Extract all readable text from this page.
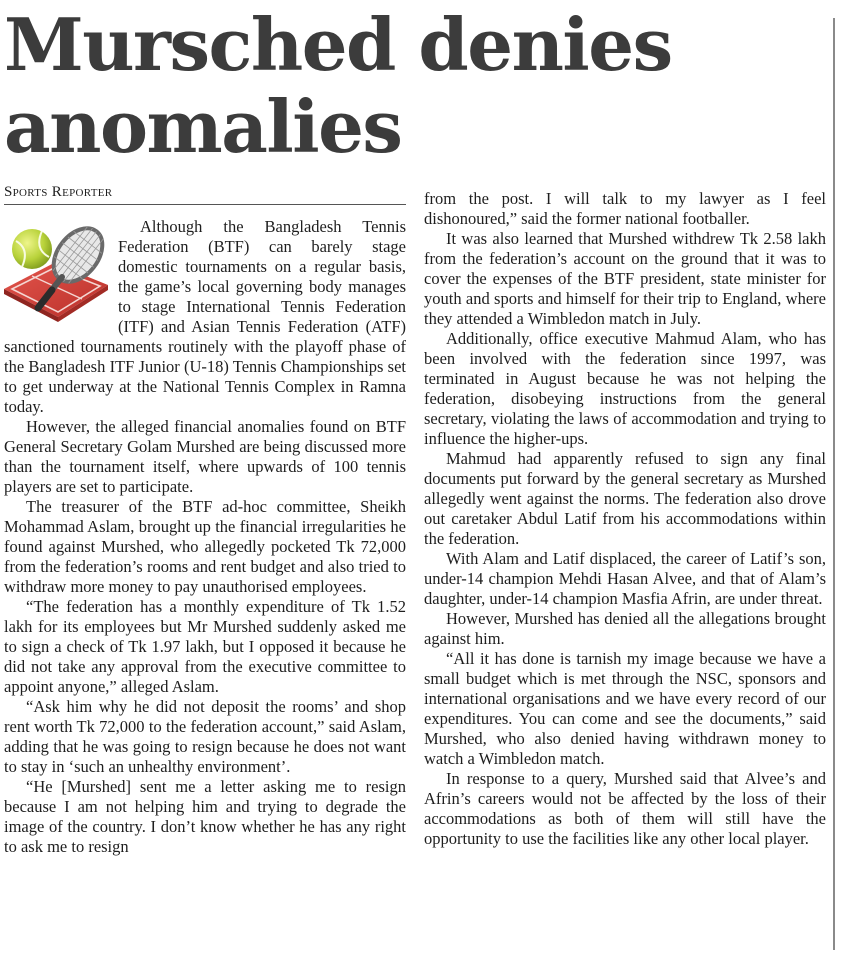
Mursched denies
anomalies
Sports Reporter

Although the Bangladesh Tennis Federation (BTF) can barely stage domestic tournaments on a regular basis, the game’s local governing body manages to stage International Tennis Federation (ITF) and Asian Tennis Federation (ATF) sanctioned tournaments routinely with the playoff phase of the Bangladesh ITF Junior (U-18) Tennis Championships set to get underway at the National Tennis Complex in Ramna today.

However, the alleged financial anomalies found on BTF General Secretary Golam Murshed are being discussed more than the tournament itself, where upwards of 100 tennis players are set to participate.

The treasurer of the BTF ad-hoc committee, Sheikh Mohammad Aslam, brought up the financial irregularities he found against Murshed, who allegedly pocketed Tk 72,000 from the federation’s rooms and rent budget and also tried to withdraw more money to pay unauthorised employees.

“The federation has a monthly expenditure of Tk 1.52 lakh for its employees but Mr Murshed suddenly asked me to sign a check of Tk 1.97 lakh, but I opposed it because he did not take any approval from the executive committee to appoint anyone,” alleged Aslam.

“Ask him why he did not deposit the rooms’ and shop rent worth Tk 72,000 to the federation account,” said Aslam, adding that he was going to resign because he does not want to stay in ‘such an unhealthy environment’.

“He [Murshed] sent me a letter asking me to resign because I am not helping him and trying to degrade the image of the country. I don’t know whether he has any right to ask me to resign

from the post. I will talk to my lawyer as I feel dishonoured,” said the former national footballer.

It was also learned that Murshed withdrew Tk 2.58 lakh from the federation’s account on the ground that it was to cover the expenses of the BTF president, state minister for youth and sports and himself for their trip to England, where they attended a Wimbledon match in July.

Additionally, office executive Mahmud Alam, who has been involved with the federation since 1997, was terminated in August because he was not helping the federation, disobeying instructions from the general secretary, violating the laws of accommodation and trying to influence the higher-ups.

Mahmud had apparently refused to sign any final documents put forward by the general secretary as Murshed allegedly went against the norms. The federation also drove out caretaker Abdul Latif from his accommodations within the federation.

With Alam and Latif displaced, the career of Latif’s son, under-14 champion Mehdi Hasan Alvee, and that of Alam’s daughter, under-14 champion Masfia Afrin, are under threat.

However, Murshed has denied all the allegations brought against him.

“All it has done is tarnish my image because we have a small budget which is met through the NSC, sponsors and international organisations and we have every record of our expenditures. You can come and see the documents,” said Murshed, who also denied having withdrawn money to watch a Wimbledon match.

In response to a query, Murshed said that Alvee’s and Afrin’s careers would not be affected by the loss of their accommodations as both of them will still have the opportunity to use the facilities like any other local player.
